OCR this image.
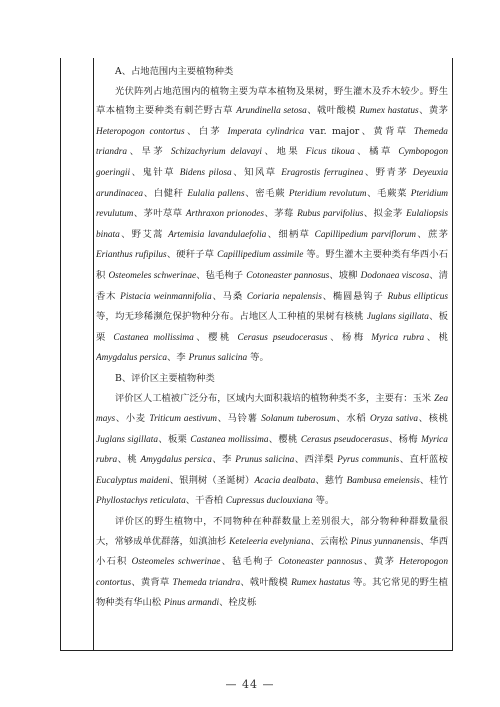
A、占地范围内主要植物种类

光伏阵列占地范围内的植物主要为草本植物及果树，野生灌木及乔木较少。野生草本植物主要种类有刺芒野古草 Arundinella setosa、戟叶酸模 Rumex hastatus、黄茅 Heteropogon contortus、白茅 Imperata cylindrica var. major、黄背草 Themeda triandra、旱茅 Schizachyrium delavayi、地果 Ficus tikoua、橘草 Cymbopogon goeringii、鬼针草 Bidens pilosa、知风草 Eragrostis ferruginea、野青茅 Deyeuxia arundinacea、白健秆 Eulalia pallens、密毛蕨 Pteridium revolutum、毛蕨菜 Pteridium revulutum、茅叶荩草 Arthraxon prionodes、茅莓 Rubus parvifolius、拟金茅 Eulaliopsis binata、野艾蒿 Artemisia lavandulaefolia、细柄草 Capillipedium parviflorum、蔗茅 Erianthus rufipilus、硬秆子草 Capillipedium assimile 等。野生灌木主要种类有华西小石积 Osteomeles schwerinae、毡毛栒子 Cotoneaster pannosus、坡柳 Dodonaea viscosa、清香木 Pistacia weinmannifolia、马桑 Coriaria nepalensis、椭圆悬钩子 Rubus ellipticus 等，均无珍稀濒危保护物种分布。占地区人工种植的果树有核桃 Juglans sigillata、板栗 Castanea mollissima、樱桃 Cerasus pseudocerasus、杨梅 Myrica rubra、桃 Amygdalus persica、李 Prunus salicina 等。

B、评价区主要植物种类

评价区人工植被广泛分布，区域内大面积栽培的植物种类不多，主要有：玉米 Zea mays、小麦 Triticum aestivum、马铃薯 Solanum tuberosum、水稻 Oryza sativa、核桃 Juglans sigillata、板栗 Castanea mollissima、樱桃 Cerasus pseudocerasus、杨梅 Myrica rubra、桃 Amygdalus persica、李 Prunus salicina、西洋梨 Pyrus communis、直杆蓝桉 Eucalyptus maideni、银荆树（圣诞树）Acacia dealbata、慈竹 Bambusa emeiensis、桂竹 Phyllostachys reticulata、干香柏 Cupressus duclouxiana 等。

评价区的野生植物中，不同物种在种群数量上差别很大，部分物种种群数量很大，常够成单优群落，如滇油杉 Keteleeria evelyniana、云南松 Pinus yunnanensis、华西小石积 Osteomeles schwerinae、毡毛栒子 Cotoneaster pannosus、黄茅 Heteropogon contortus、黄背草 Themeda triandra、戟叶酸模 Rumex hastatus 等。其它常见的野生植物种类有华山松 Pinus armandi、栓皮栎

— 44 —
